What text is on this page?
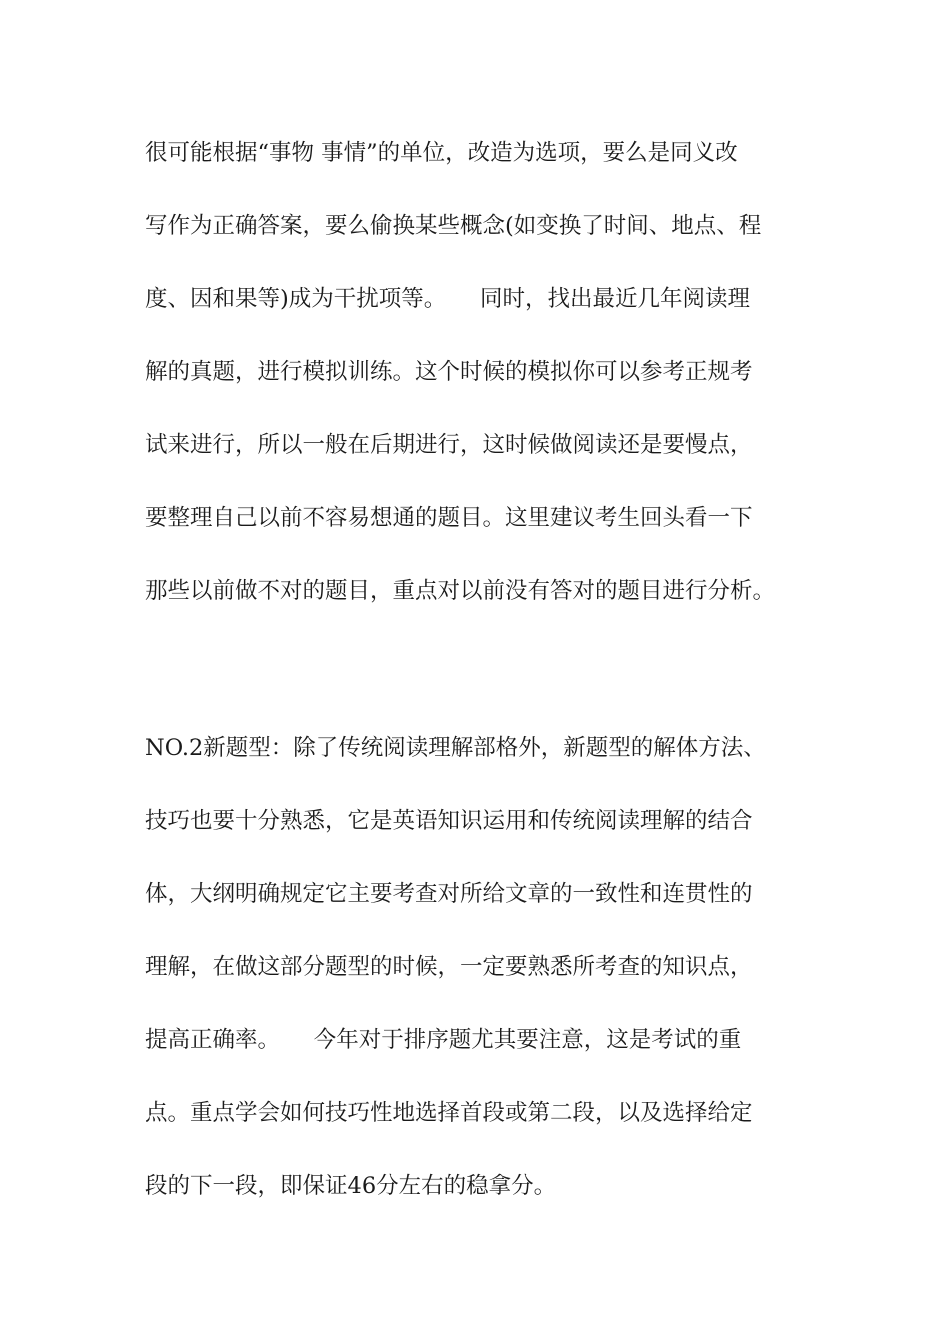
很可能根据“事物 事情”的单位，改造为选项，要么是同义改
写作为正确答案，要么偷换某些概念(如变换了时间、地点、程
度、因和果等)成为干扰项等。　　同时，找出最近几年阅读理
解的真题，进行模拟训练。这个时候的模拟你可以参考正规考
试来进行，所以一般在后期进行，这时候做阅读还是要慢点，
要整理自己以前不容易想通的题目。这里建议考生回头看一下
那些以前做不对的题目，重点对以前没有答对的题目进行分析。
NO.2新题型：除了传统阅读理解部格外，新题型的解体方法、
技巧也要十分熟悉，它是英语知识运用和传统阅读理解的结合
体，大纲明确规定它主要考查对所给文章的一致性和连贯性的
理解，在做这部分题型的时候，一定要熟悉所考查的知识点，
提高正确率。　　今年对于排序题尤其要注意，这是考试的重
点。重点学会如何技巧性地选择首段或第二段，以及选择给定
段的下一段，即保证46分左右的稳拿分。
